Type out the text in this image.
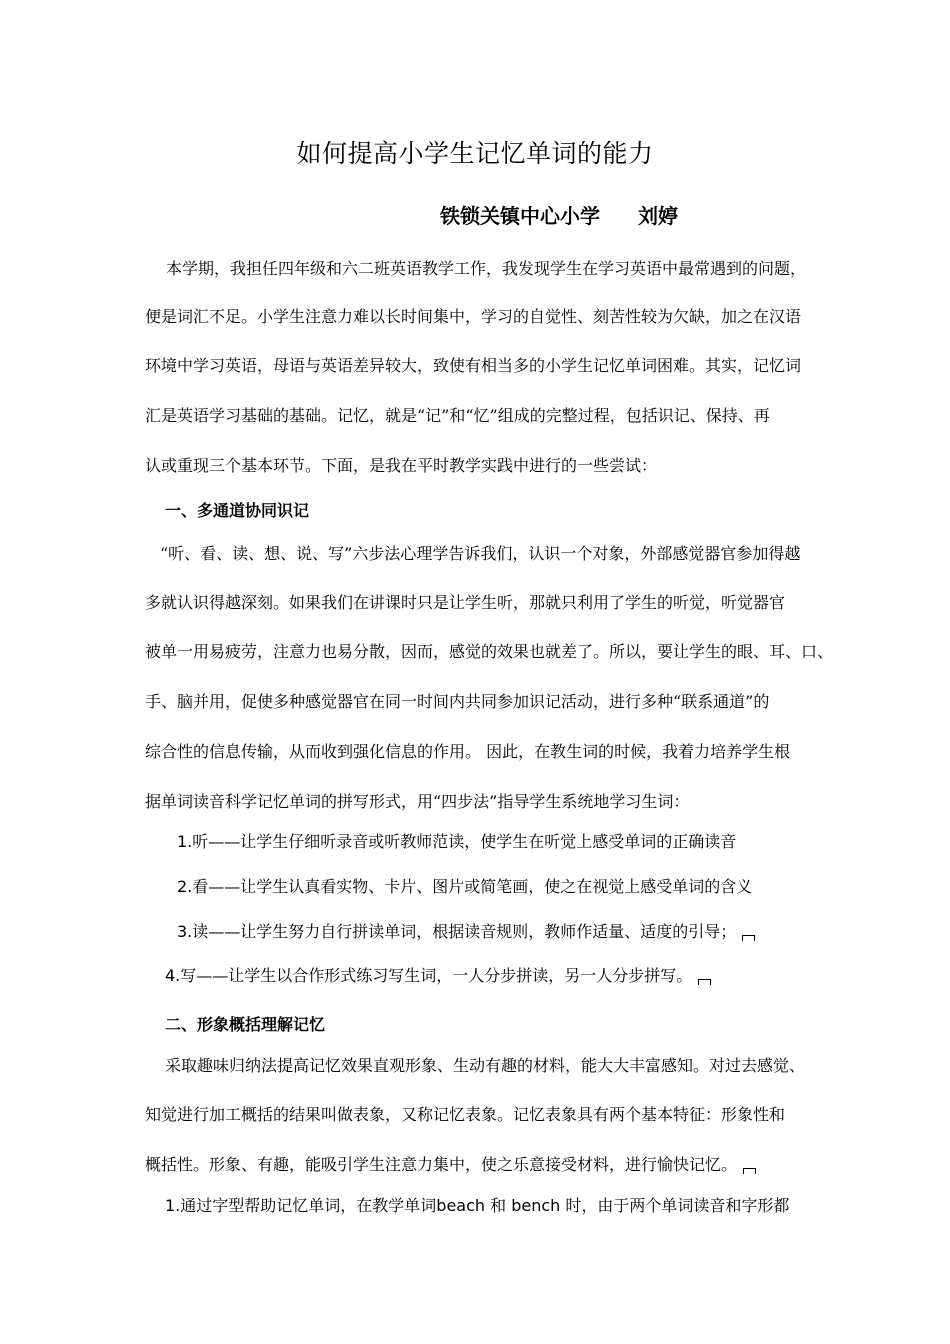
如何提高小学生记忆单词的能力
铁锁关镇中心小学 刘婷

本学期，我担任四年级和六二班英语教学工作，我发现学生在学习英语中最常遇到的问题，

便是词汇不足。小学生注意力难以长时间集中，学习的自觉性、刻苦性较为欠缺，加之在汉语

环境中学习英语，母语与英语差异较大，致使有相当多的小学生记忆单词困难。其实，记忆词

汇是英语学习基础的基础。记忆，就是“记”和“忆”组成的完整过程，包括识记、保持、再

认或重现三个基本环节。下面，是我在平时教学实践中进行的一些尝试：

一、多通道协同识记

“听、看、读、想、说、写”六步法心理学告诉我们，认识一个对象，外部感觉器官参加得越

多就认识得越深刻。如果我们在讲课时只是让学生听，那就只利用了学生的听觉，听觉器官

被单一用易疲劳，注意力也易分散，因而，感觉的效果也就差了。所以，要让学生的眼、耳、口、

手、脑并用，促使多种感觉器官在同一时间内共同参加识记活动，进行多种“联系通道”的

综合性的信息传输，从而收到强化信息的作用。 因此，在教生词的时候，我着力培养学生根

据单词读音科学记忆单词的拼写形式，用“四步法”指导学生系统地学习生词：

1.听——让学生仔细听录音或听教师范读，使学生在听觉上感受单词的正确读音

2.看——让学生认真看实物、卡片、图片或简笔画，使之在视觉上感受单词的含义

3.读——让学生努力自行拼读单词，根据读音规则，教师作适量、适度的引导；

4.写——让学生以合作形式练习写生词，一人分步拼读，另一人分步拼写。

二、形象概括理解记忆

采取趣味归纳法提高记忆效果直观形象、生动有趣的材料，能大大丰富感知。对过去感觉、

知觉进行加工概括的结果叫做表象，又称记忆表象。记忆表象具有两个基本特征：形象性和

概括性。形象、有趣，能吸引学生注意力集中，使之乐意接受材料，进行愉快记忆。

1.通过字型帮助记忆单词，在教学单词beach 和 bench 时，由于两个单词读音和字形都
